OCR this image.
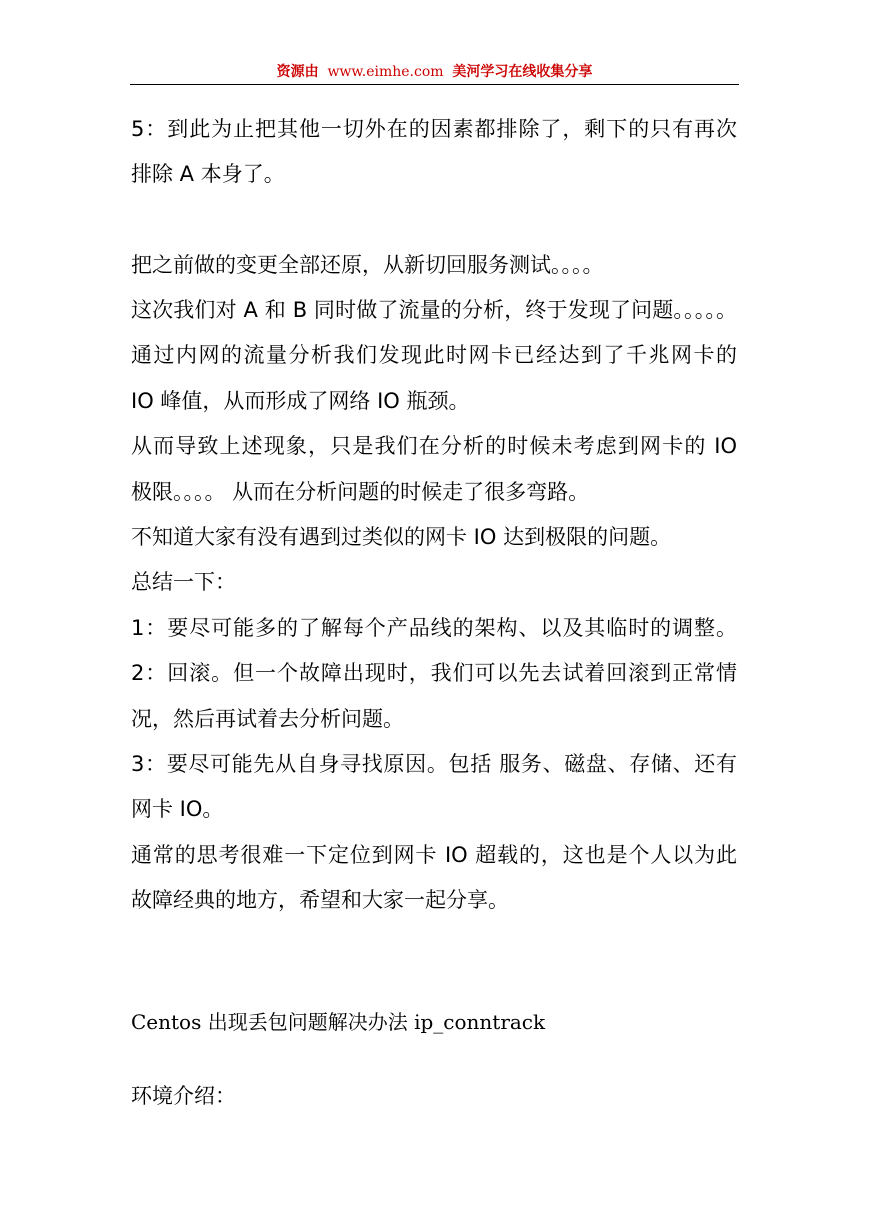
资源由 www.eimhe.com 美河学习在线收集分享
5：到此为止把其他一切外在的因素都排除了，剩下的只有再次
排除 A 本身了。
把之前做的变更全部还原，从新切回服务测试。。。。
这次我们对 A 和 B 同时做了流量的分析，终于发现了问题。。。。。
通过内网的流量分析我们发现此时网卡已经达到了千兆网卡的
IO 峰值，从而形成了网络 IO 瓶颈。
从而导致上述现象，只是我们在分析的时候未考虑到网卡的 IO
极限。。。。 从而在分析问题的时候走了很多弯路。
不知道大家有没有遇到过类似的网卡 IO 达到极限的问题。
总结一下：
1：要尽可能多的了解每个产品线的架构、以及其临时的调整。
2：回滚。但一个故障出现时，我们可以先去试着回滚到正常情
况，然后再试着去分析问题。
3：要尽可能先从自身寻找原因。包括 服务、磁盘、存储、还有
网卡 IO。
通常的思考很难一下定位到网卡 IO 超载的，这也是个人以为此
故障经典的地方，希望和大家一起分享。
Centos 出现丢包问题解决办法 ip_conntrack
环境介绍：
